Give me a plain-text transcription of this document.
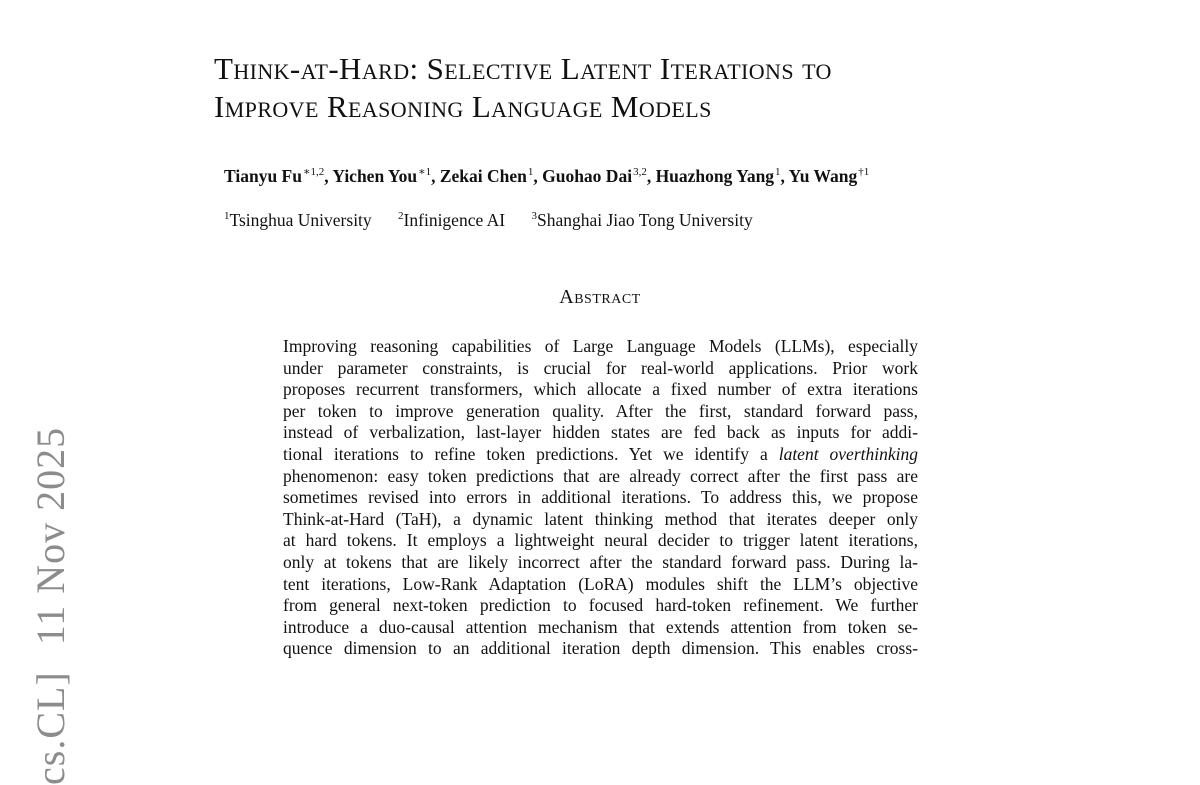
cs.CL]11 Nov 2025
Think-at-Hard: Selective Latent Iterations to
Improve Reasoning Language Models
Tianyu $Fu^{∗1,2}$, Yichen You$^{∗1}$, Zekai Chen$^1$, Guohao Dai$^{3,2}$, Huazhong Yang$^1$, Yu Wang$^{\dagger 1}$
$^1$Tsinghua University $^2$Infinigence AI $^3$Shanghai Jiao Tong University
Abstract
Improving reasoning capabilities of Large Language Models (LLMs), especially
under parameter constraints, is crucial for real-world applications. Prior work
proposes recurrent transformers, which allocate a fixed number of extra iterations
per token to improve generation quality. After the first, standard forward pass,
instead of verbalization, last-layer hidden states are fed back as inputs for addi-
tional iterations to refine token predictions. Yet we identify a latent overthinking
phenomenon: easy token predictions that are already correct after the first pass are
sometimes revised into errors in additional iterations. To address this, we propose
Think-at-Hard (TaH), a dynamic latent thinking method that iterates deeper only
at hard tokens. It employs a lightweight neural decider to trigger latent iterations,
only at tokens that are likely incorrect after the standard forward pass. During la-
tent iterations, Low-Rank Adaptation (LoRA) modules shift the LLM’s objective
from general next-token prediction to focused hard-token refinement. We further
introduce a duo-causal attention mechanism that extends attention from token se-
quence dimension to an additional iteration depth dimension. This enables cross-
